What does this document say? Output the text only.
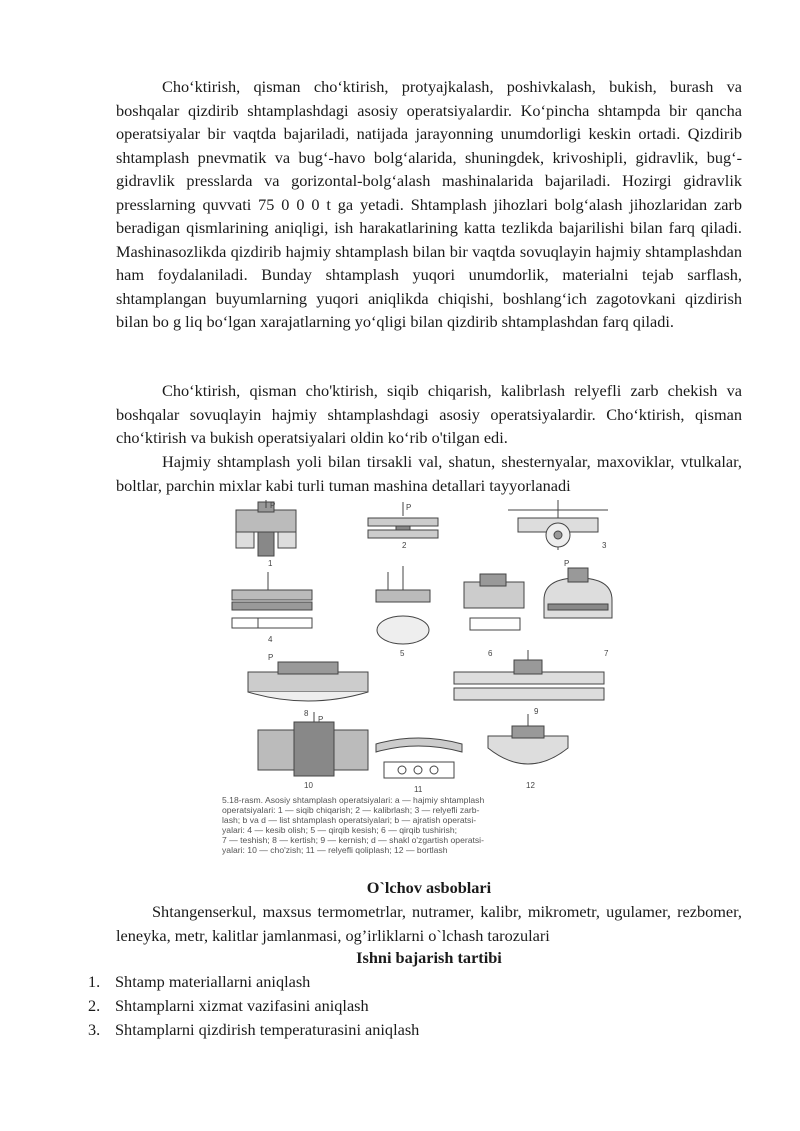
Cho‘ktirish, qisman cho‘ktirish, protyajkalash, poshivkalash, bukish, burash va boshqalar qizdirib shtamplashdagi asosiy operatsiyalardir. Ko‘pincha shtampda bir qancha operatsiyalar bir vaqtda bajariladi, natijada jarayonning unumdorligi keskin ortadi. Qizdirib shtamplash pnevmatik va bug‘-havo bolg‘alarida, shuningdek, krivoshipli, gidravlik, bug‘-gidravlik presslarda va gorizontal-bolg‘alash mashinalarida bajariladi. Hozirgi gidravlik presslarning quvvati 75 0 0 0 t ga yetadi. Shtamplash jihozlari bolg‘alash jihozlaridan zarb beradigan qismlarining aniqligi, ish harakatlarining katta tezlikda bajarilishi bilan farq qiladi. Mashinasozlikda qizdirib hajmiy shtamplash bilan bir vaqtda sovuqlayin hajmiy shtamplashdan ham foydalaniladi. Bunday shtamplash yuqori unumdorlik, materialni tejab sarflash, shtamplangan buyumlarning yuqori aniqlikda chiqishi, boshlang‘ich zagotovkani qizdirish bilan bo g liq bo‘lgan xarajatlarning yo‘qligi bilan qizdirib shtamplashdan farq qiladi.

Cho‘ktirish, qisman cho'ktirish, siqib chiqarish, kalibrlash relyefli zarb chekish va boshqalar sovuqlayin hajmiy shtamplashdagi asosiy operatsiyalardir. Cho‘ktirish, qisman cho‘ktirish va bukish operatsiyalari oldin ko‘rib o'tilgan edi.

Hajmiy shtamplash yoli bilan tirsakli val, shatun, shesternyalar, maxoviklar, vtulkalar, boltlar, parchin mixlar kabi turli tuman mashina detallari tayyorlanadi

1
2	3
4
5	6	7
8	9
10	11	12
P	P
P
P
P
5.18-rasm. Asosiy shtamplash operatsiyalari: a — hajmiy shtamplash
operatsiyalari: 1 — siqib chiqarish; 2 — kalibrlash; 3 — relyefli zarb-
lash; b va d — list shtamplash operatsiyalari; b — ajratish operatsi-
yalari: 4 — kesib olish; 5 — qirqib kesish; 6 — qirqib tushirish;
7 — teshish; 8 — kertish; 9 — kernish; d — shakl o'zgartish operatsi-
yalari: 10 — cho'zish; 11 — relyefli qoliplash; 12 — bortlash

O`lchov asboblari

Shtangenserkul, maxsus termometrlar, nutramer, kalibr, mikrometr, ugulamer, rezbomer, leneyka, metr, kalitlar jamlanmasi, og’irliklarni o`lchash tarozulari

Ishni bajarish tartibi

1. Shtamp materiallarni aniqlash
2. Shtamplarni xizmat vazifasini aniqlash
3. Shtamplarni qizdirish temperaturasini aniqlash
